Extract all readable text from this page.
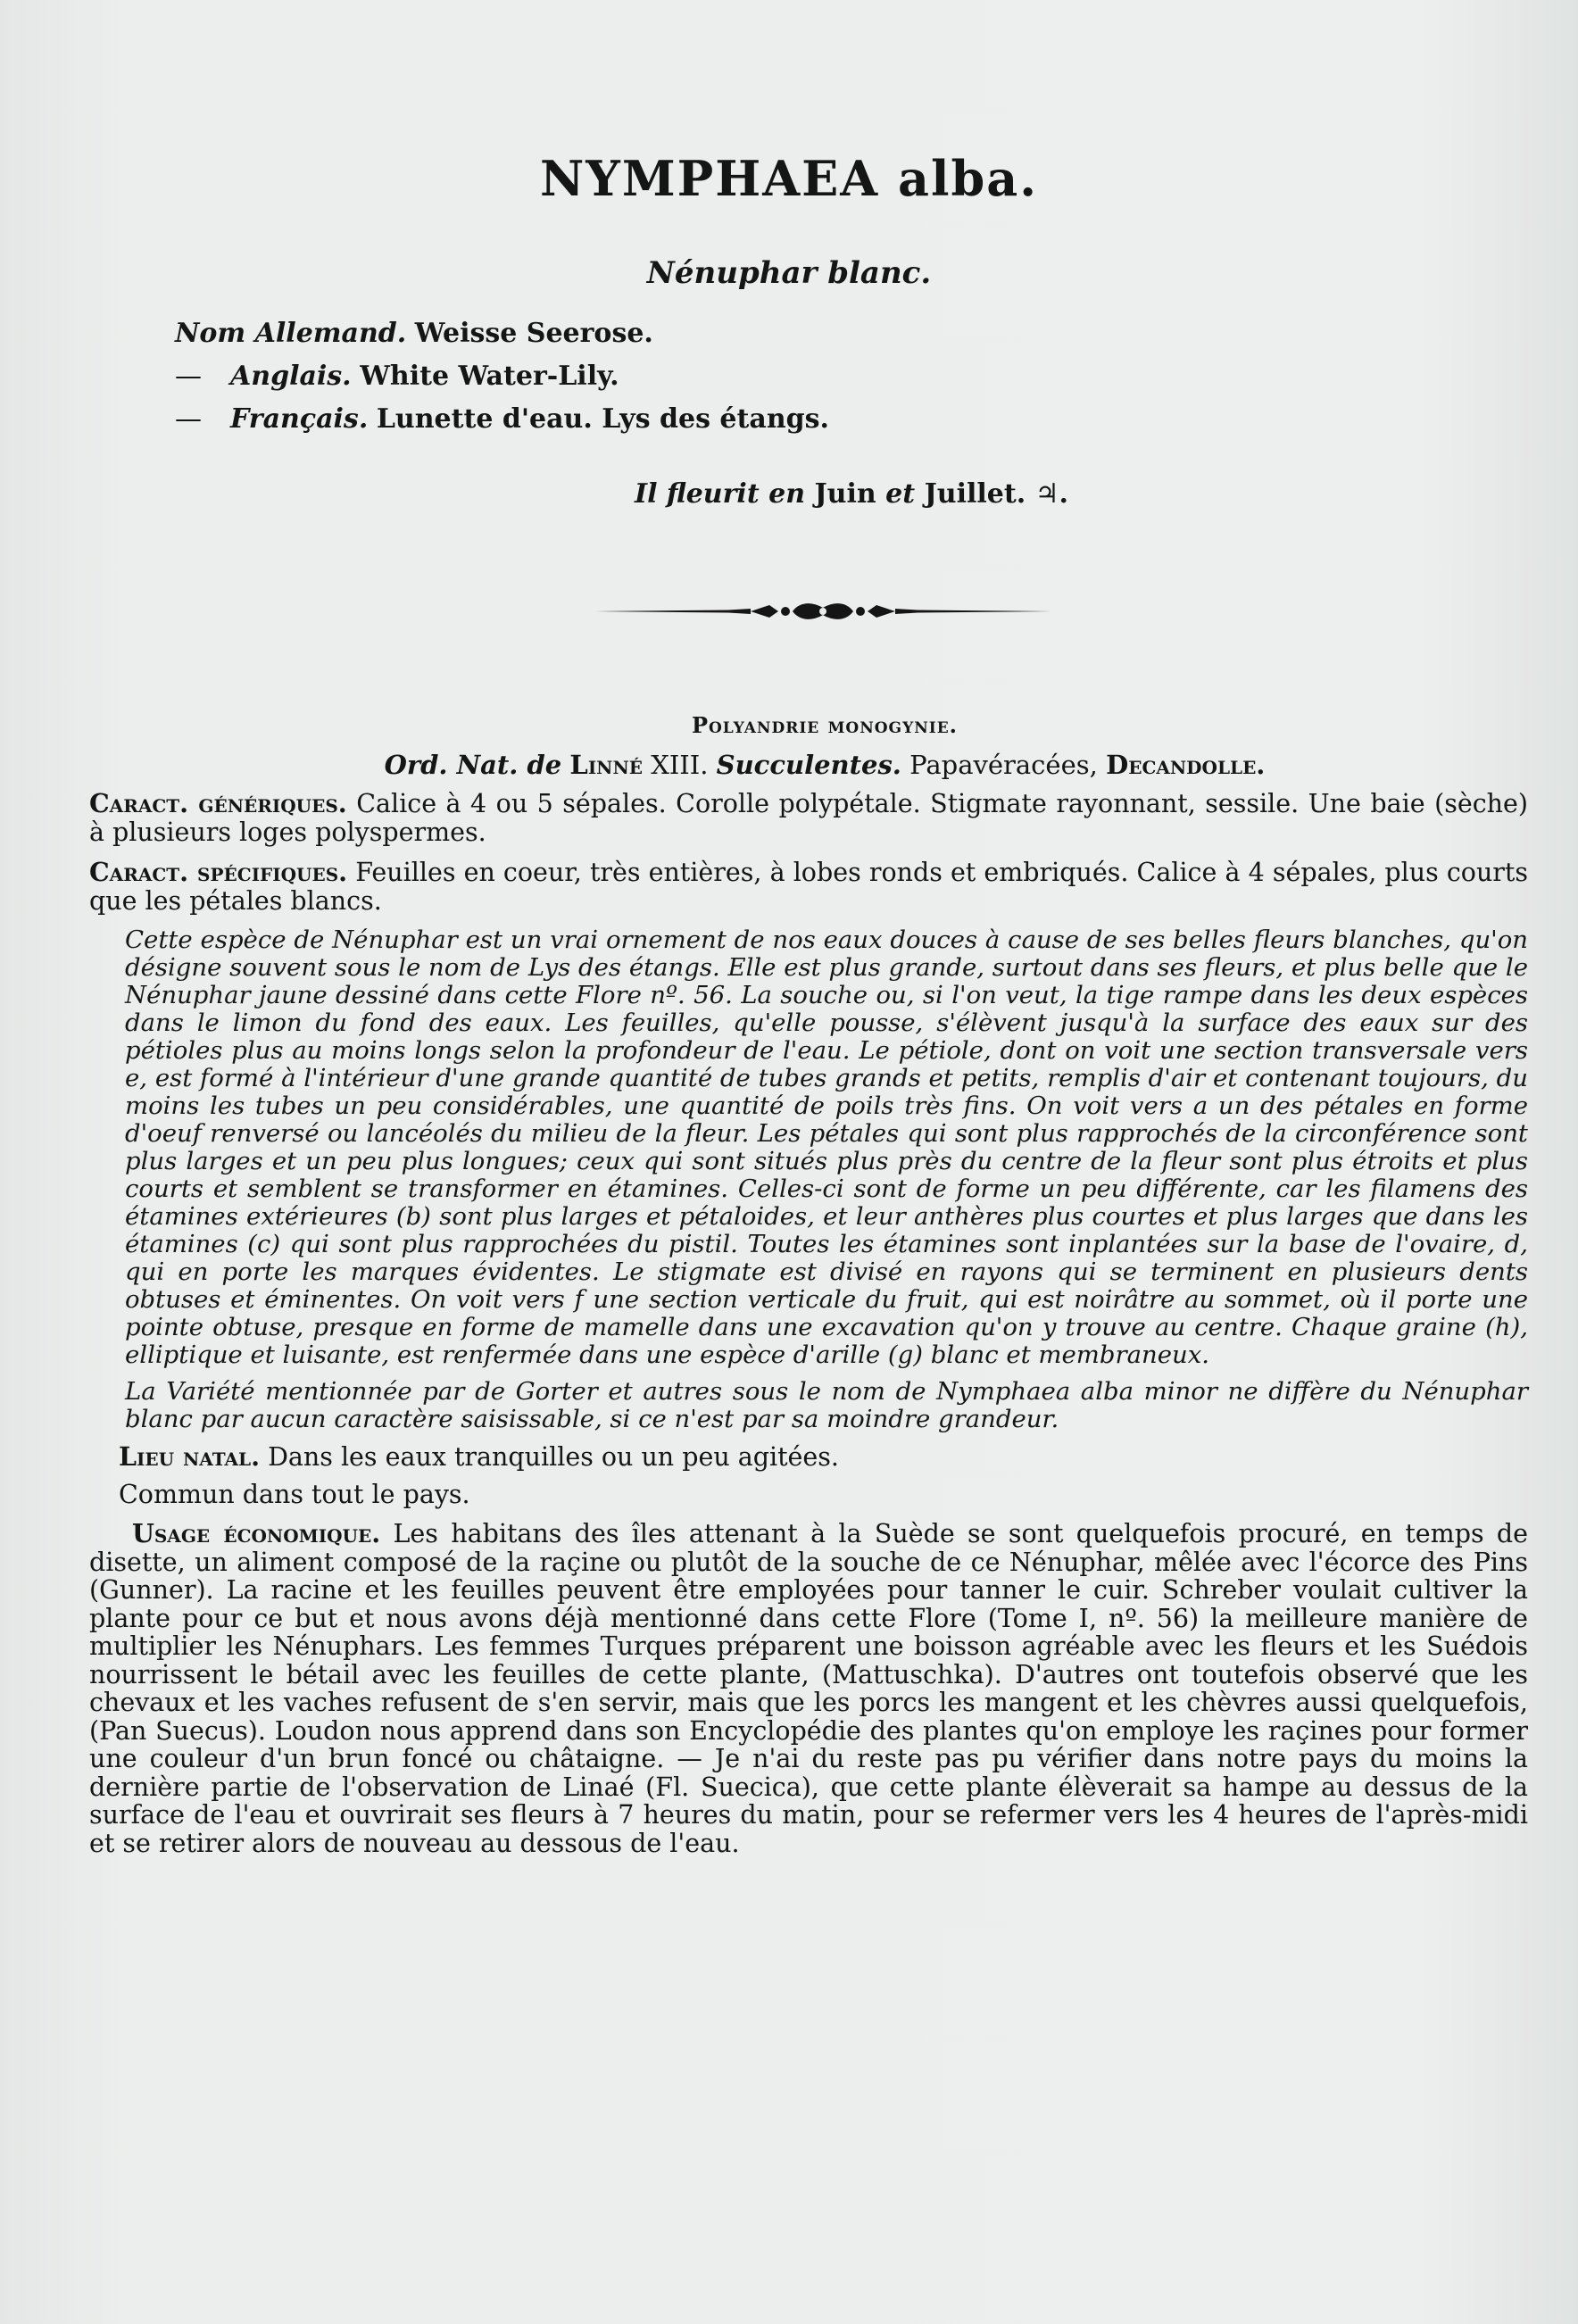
NYMPHAEA alba.
Nénuphar blanc.
Nom Allemand. Weisse Seerose.
— Anglais. White Water-Lily.
— Français. Lunette d'eau. Lys des étangs.
Il fleurit en Juin et Juillet. ♃.
Polyandrie monogynie.
Ord. Nat. de Linné XIII. Succulentes. Papavéracées, Decandolle.

Caract. génériques. Calice à 4 ou 5 sépales. Corolle polypétale. Stigmate rayonnant, sessile. Une baie (sèche) à plusieurs loges polyspermes.

Caract. spécifiques. Feuilles en coeur, très entières, à lobes ronds et embriqués. Calice à 4 sépales, plus courts que les pétales blancs.

Cette espèce de Nénuphar est un vrai ornement de nos eaux douces à cause de ses belles fleurs blanches, qu'on désigne souvent sous le nom de Lys des étangs. Elle est plus grande, surtout dans ses fleurs, et plus belle que le Nénuphar jaune dessiné dans cette Flore nº. 56. La souche ou, si l'on veut, la tige rampe dans les deux espèces dans le limon du fond des eaux. Les feuilles, qu'elle pousse, s'élèvent jusqu'à la surface des eaux sur des pétioles plus au moins longs selon la profondeur de l'eau. Le pétiole, dont on voit une section transversale vers e, est formé à l'intérieur d'une grande quantité de tubes grands et petits, remplis d'air et contenant toujours, du moins les tubes un peu considérables, une quantité de poils très fins. On voit vers a un des pétales en forme d'oeuf renversé ou lancéolés du milieu de la fleur. Les pétales qui sont plus rapprochés de la circonférence sont plus larges et un peu plus longues; ceux qui sont situés plus près du centre de la fleur sont plus étroits et plus courts et semblent se transformer en étamines. Celles-ci sont de forme un peu différente, car les filamens des étamines extérieures (b) sont plus larges et pétaloides, et leur anthères plus courtes et plus larges que dans les étamines (c) qui sont plus rapprochées du pistil. Toutes les étamines sont inplantées sur la base de l'ovaire, d, qui en porte les marques évidentes. Le stigmate est divisé en rayons qui se terminent en plusieurs dents obtuses et éminentes. On voit vers f une section verticale du fruit, qui est noirâtre au sommet, où il porte une pointe obtuse, presque en forme de mamelle dans une excavation qu'on y trouve au centre. Chaque graine (h), elliptique et luisante, est renfermée dans une espèce d'arille (g) blanc et membraneux.

La Variété mentionnée par de Gorter et autres sous le nom de Nymphaea alba minor ne diffère du Nénuphar blanc par aucun caractère saisissable, si ce n'est par sa moindre grandeur.

Lieu natal. Dans les eaux tranquilles ou un peu agitées.

Commun dans tout le pays.

Usage économique. Les habitans des îles attenant à la Suède se sont quelquefois procuré, en temps de disette, un aliment composé de la raçine ou plutôt de la souche de ce Nénuphar, mêlée avec l'écorce des Pins (Gunner). La racine et les feuilles peuvent être employées pour tanner le cuir. Schreber voulait cultiver la plante pour ce but et nous avons déjà mentionné dans cette Flore (Tome I, nº. 56) la meilleure manière de multiplier les Nénuphars. Les femmes Turques préparent une boisson agréable avec les fleurs et les Suédois nourrissent le bétail avec les feuilles de cette plante, (Mattuschka). D'autres ont toutefois observé que les chevaux et les vaches refusent de s'en servir, mais que les porcs les mangent et les chèvres aussi quelquefois, (Pan Suecus). Loudon nous apprend dans son Encyclopédie des plantes qu'on employe les raçines pour former une couleur d'un brun foncé ou châtaigne. — Je n'ai du reste pas pu vérifier dans notre pays du moins la dernière partie de l'observation de Linaé (Fl. Suecica), que cette plante élèverait sa hampe au dessus de la surface de l'eau et ouvrirait ses fleurs à 7 heures du matin, pour se refermer vers les 4 heures de l'après-midi et se retirer alors de nouveau au dessous de l'eau.
